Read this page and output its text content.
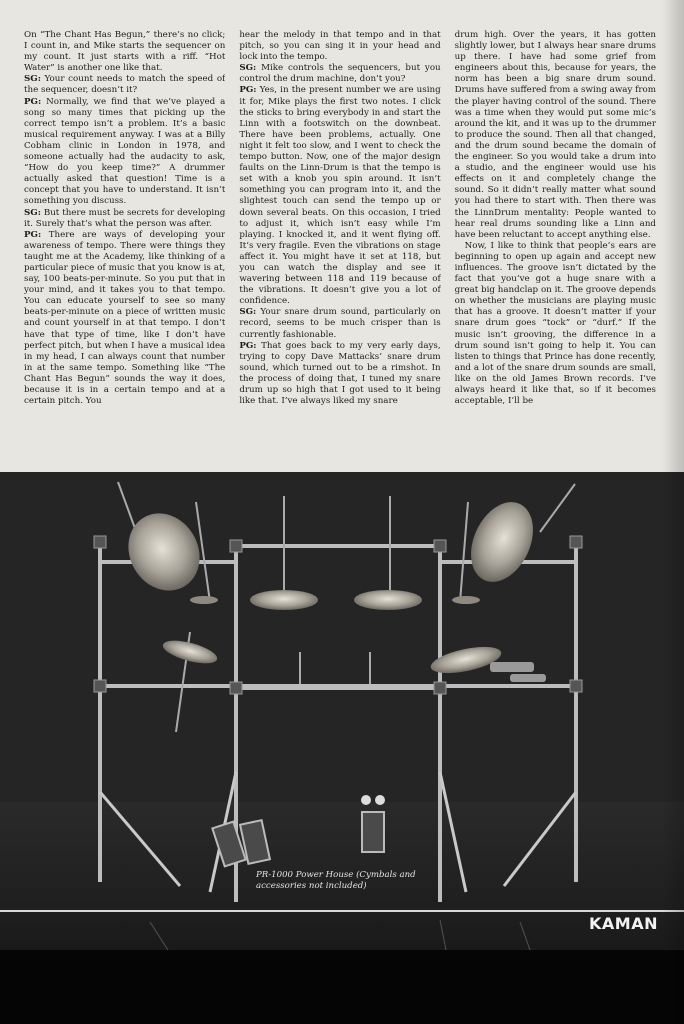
On “The Chant Has Begun,” there’s no click; I count in, and Mike starts the sequencer on my count. It just starts with a riff. “Hot Water” is another one like that.

SG: Your count needs to match the speed of the sequencer, doesn’t it?

PG: Normally, we find that we’ve played a song so many times that picking up the correct tempo isn’t a problem. It’s a basic musical requirement anyway. I was at a Billy Cobham clinic in London in 1978, and someone actually had the audacity to ask, “How do you keep time?” A drummer actually asked that question! Time is a concept that you have to understand. It isn’t something you discuss.

SG: But there must be secrets for developing it. Surely that’s what the person was after.

PG: There are ways of developing your awareness of tempo. There were things they taught me at the Academy, like thinking of a particular piece of music that you know is at, say, 100 beats-per-minute. So you put that in your mind, and it takes you to that tempo. You can educate yourself to see so many beats-per-minute on a piece of written music and count yourself in at that tempo. I don’t have that type of time, like I don’t have perfect pitch, but when I have a musical idea in my head, I can always count that number in at the same tempo. Something like “The Chant Has Begun” sounds the way it does, because it is in a certain tempo and at a certain pitch. You

hear the melody in that tempo and in that pitch, so you can sing it in your head and lock into the tempo.

SG: Mike controls the sequencers, but you control the drum machine, don’t you?

PG: Yes, in the present number we are using it for, Mike plays the first two notes. I click the sticks to bring everybody in and start the Linn with a footswitch on the downbeat. There have been problems, actually. One night it felt too slow, and I went to check the tempo button. Now, one of the major design faults on the Linn-Drum is that the tempo is set with a knob you spin around. It isn’t something you can program into it, and the slightest touch can send the tempo up or down several beats. On this occasion, I tried to adjust it, which isn’t easy while I’m playing. I knocked it, and it went flying off. It’s very fragile. Even the vibrations on stage affect it. You might have it set at 118, but you can watch the display and see it wavering between 118 and 119 because of the vibrations. It doesn’t give you a lot of confidence.

SG: Your snare drum sound, particularly on record, seems to be much crisper than is currently fashionable.

PG: That goes back to my very early days, trying to copy Dave Mattacks’ snare drum sound, which turned out to be a rimshot. In the process of doing that, I tuned my snare drum up so high that I got used to it being like that. I’ve always liked my snare

drum high. Over the years, it has gotten slightly lower, but I always hear snare drums up there. I have had some grief from engineers about this, because for years, the norm has been a big snare drum sound. Drums have suffered from a swing away from the player having control of the sound. There was a time when they would put some mic’s around the kit, and it was up to the drummer to produce the sound. Then all that changed, and the drum sound became the domain of the engineer. So you would take a drum into a studio, and the engineer would use his effects on it and completely change the sound. So it didn’t really matter what sound you had there to start with. Then there was the LinnDrum mentality: People wanted to hear real drums sounding like a Linn and have been reluctant to accept anything else.

Now, I like to think that people’s ears are beginning to open up again and accept new influences. The groove isn’t dictated by the fact that you’ve got a huge snare with a great big handclap on it. The groove depends on whether the musicians are playing music that has a groove. It doesn’t matter if your snare drum goes “tock” or “durf.” If the music isn’t grooving, the difference in a drum sound isn’t going to help it. You can listen to things that Prince has done recently, and a lot of the snare drum sounds are small, like on the old James Brown records. I’ve always heard it like that, so if it becomes acceptable, I’ll be

PR-1000 Power House (Cymbals and accessories not included)
KAMAN
